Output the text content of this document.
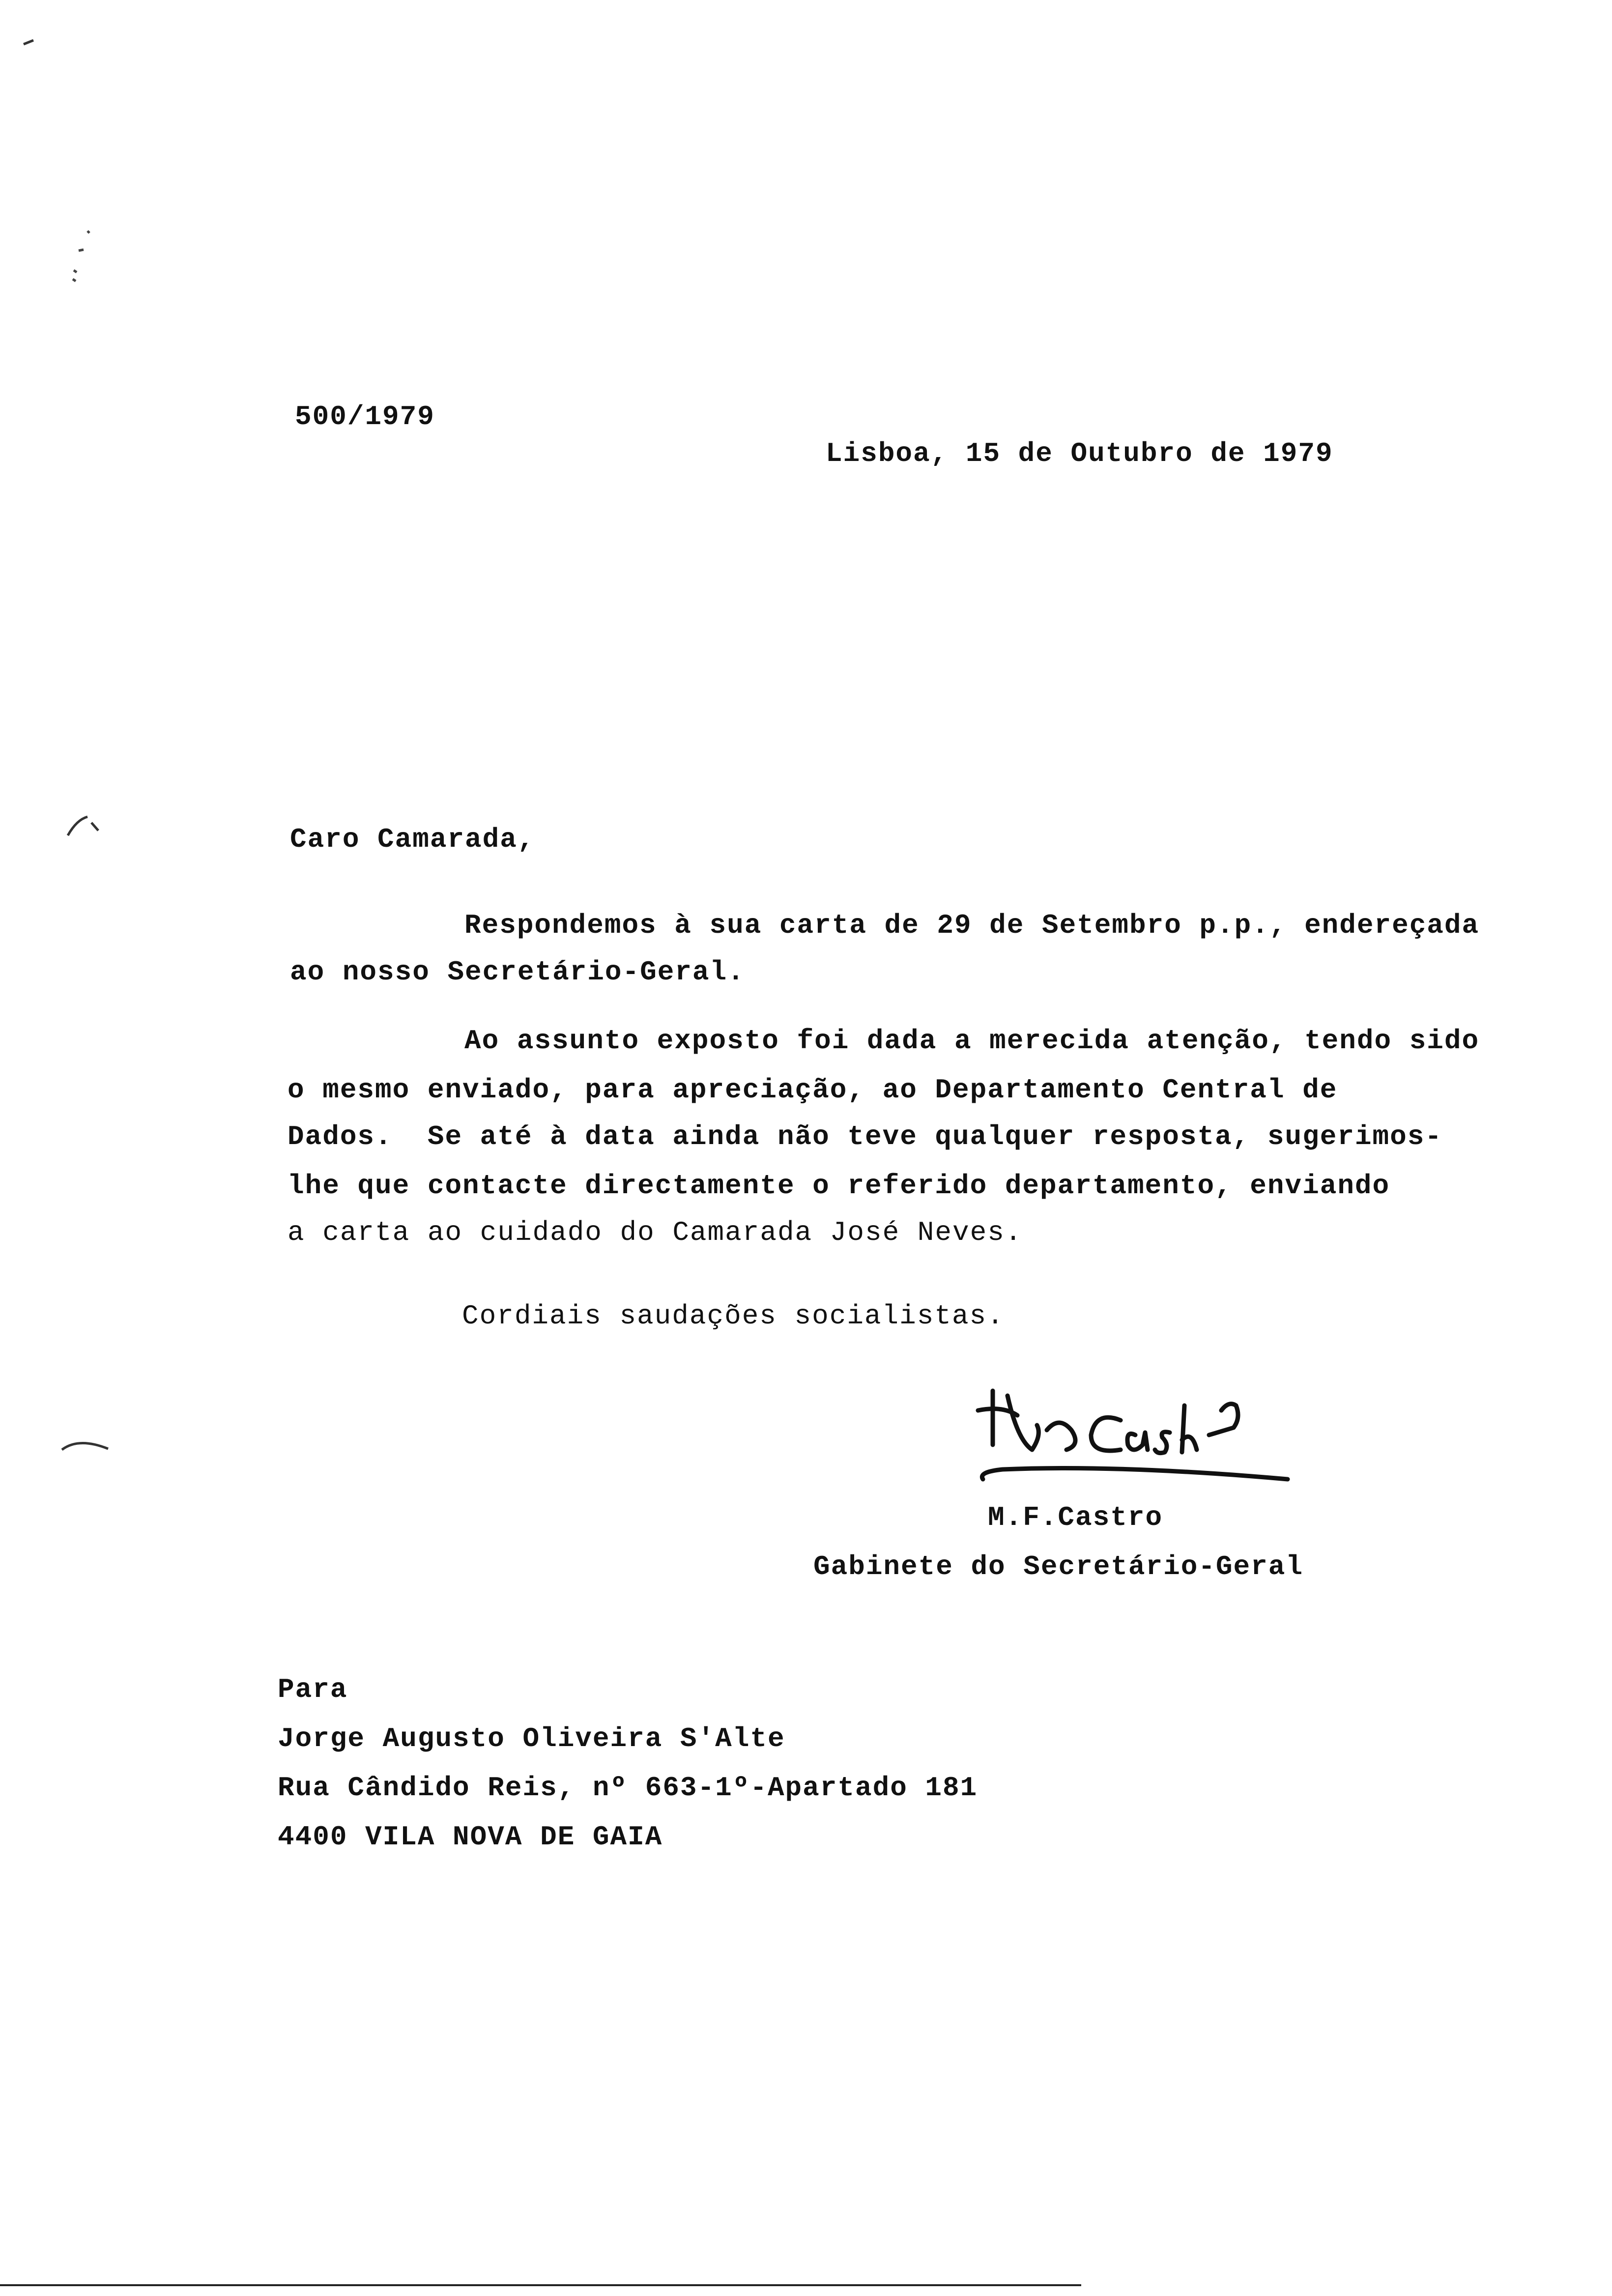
500/1979

Lisboa, 15 de Outubro de 1979

Caro Camarada,

Respondemos à sua carta de 29 de Setembro p.p., endereçada

ao nosso Secretário-Geral.

Ao assunto exposto foi dada a merecida atenção, tendo sido

o mesmo enviado, para apreciação, ao Departamento Central de

Dados.  Se até à data ainda não teve qualquer resposta, sugerimos-

lhe que contacte directamente o referido departamento, enviando

a carta ao cuidado do Camarada José Neves.

Cordiais saudações socialistas.

M.F.Castro

Gabinete do Secretário-Geral

Para

Jorge Augusto Oliveira S'Alte

Rua Cândido Reis, nº 663-1º-Apartado 181

4400 VILA NOVA DE GAIA
